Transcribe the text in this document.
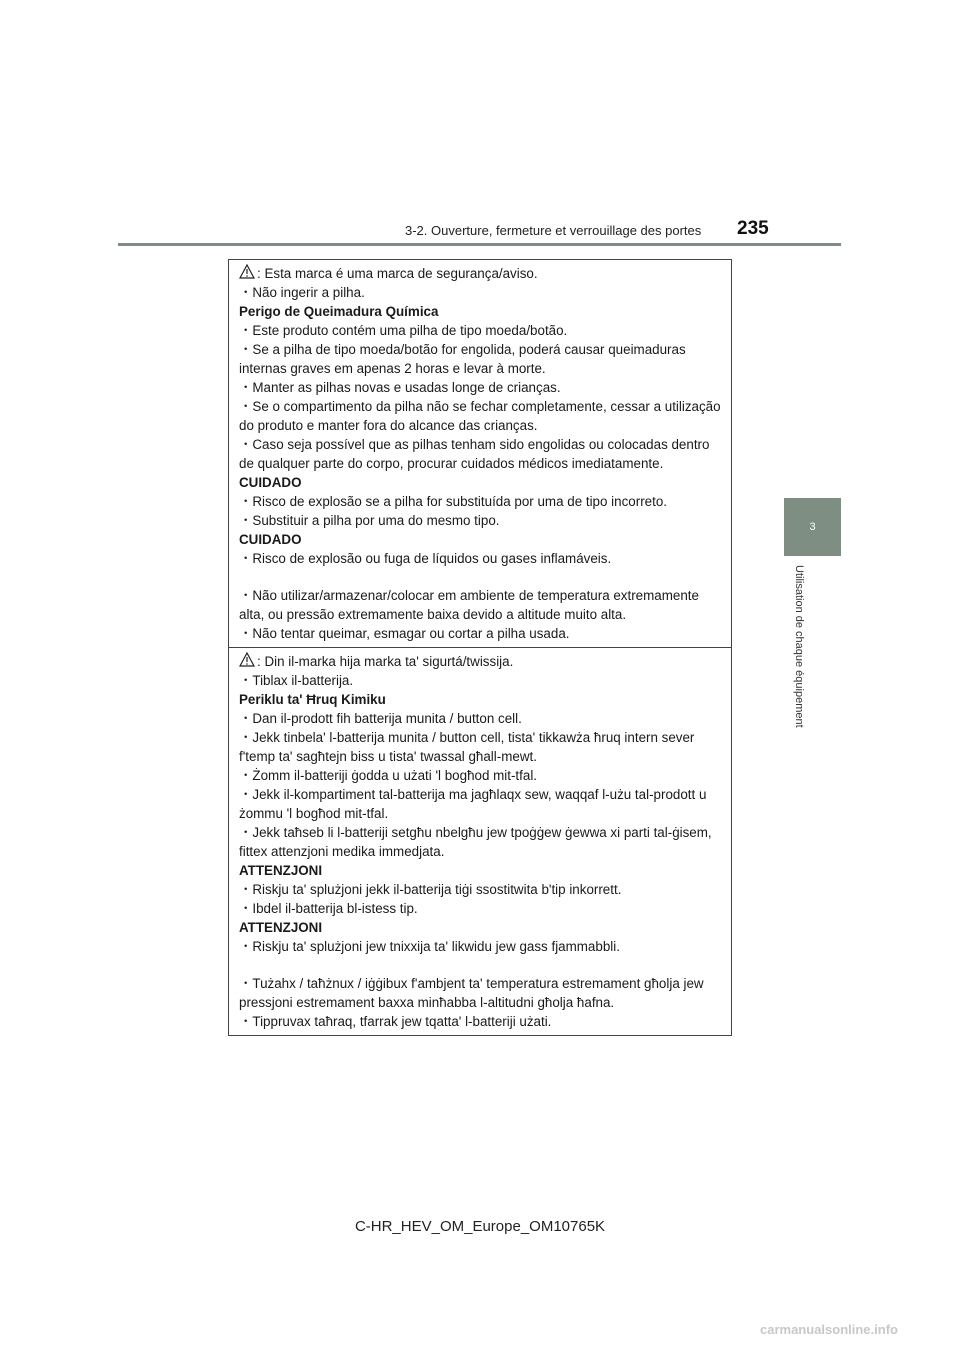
3-2. Ouverture, fermeture et verrouillage des portes 235
3
Utilisation de chaque équipement
: Esta marca é uma marca de segurança/aviso.
・Não ingerir a pilha.
Perigo de Queimadura Química
・Este produto contém uma pilha de tipo moeda/botão.
・Se a pilha de tipo moeda/botão for engolida, poderá causar queimaduras internas graves em apenas 2 horas e levar à morte.
・Manter as pilhas novas e usadas longe de crianças.
・Se o compartimento da pilha não se fechar completamente, cessar a utilização do produto e manter fora do alcance das crianças.
・Caso seja possível que as pilhas tenham sido engolidas ou colocadas dentro de qualquer parte do corpo, procurar cuidados médicos imediatamente.
CUIDADO
・Risco de explosão se a pilha for substituída por uma de tipo incorreto.
・Substituir a pilha por uma do mesmo tipo.
CUIDADO
・Risco de explosão ou fuga de líquidos ou gases inflamáveis.
・Não utilizar/armazenar/colocar em ambiente de temperatura extremamente alta, ou pressão extremamente baixa devido a altitude muito alta.
・Não tentar queimar, esmagar ou cortar a pilha usada.
: Din il-marka hija marka ta' sigurtá/twissija.
・Tiblax il-batterija.
Periklu ta' Ħruq Kimiku
・Dan il-prodott fih batterija munita / button cell.
・Jekk tinbela' l-batterija munita / button cell, tista' tikkawża ħruq intern sever f'temp ta' sagħtejn biss u tista' twassal għall-mewt.
・Żomm il-batteriji ġodda u użati 'l bogħod mit-tfal.
・Jekk il-kompartiment tal-batterija ma jagħlaqx sew, waqqaf l-użu tal-prodott u żommu 'l bogħod mit-tfal.
・Jekk taħseb li l-batteriji setgħu nbelgħu jew tpoġġew ġewwa xi parti tal-ġisem, fittex attenzjoni medika immedjata.
ATTENZJONI
・Riskju ta' splużjoni jekk il-batterija tiġi ssostitwita b'tip inkorrett.
・Ibdel il-batterija bl-istess tip.
ATTENZJONI
・Riskju ta' splużjoni jew tnixxija ta' likwidu jew gass fjammabbli.
・Tużahx / taħżnux / iġġibux f'ambjent ta' temperatura estremament għolja jew pressjoni estremament baxxa minħabba l-altitudni għolja ħafna.
・Tippruvax taħraq, tfarrak jew tqatta' l-batteriji użati.
C-HR_HEV_OM_Europe_OM10765K
carmanualsonline.info
